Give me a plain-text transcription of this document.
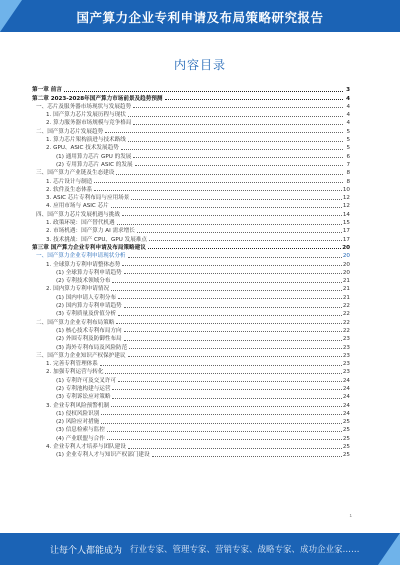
国产算力企业专利申请及布局策略研究报告
内容目录
第一章 前言	3
第二章 2023-2028年国产算力市场前景及趋势预测	4
一、芯片及服务器市场现状与发展趋势	4
1. 国产算力芯片发展历程与现状	4
2. 算力服务器市场规模与竞争格局	4
二、国产算力芯片发展趋势	5
1. 算力芯片架构演进与技术路线	5
2. GPU、ASIC 技术发展趋势	5
(1) 通用算力芯片 GPU 的发展	6
(2) 专用算力芯片 ASIC 的发展	7
三、国产算力产业链及生态建设	8
1. 芯片设计与制造	8
2. 软件及生态体系	10
3. ASIC 芯片专利布局与应用场景	12
4. 应用市场与 ASIC 芯片	12
四、国产算力芯片发展机遇与挑战	14
1. 政策环境：国产替代机遇	15
2. 市场机遇：国产算力 AI 需求增长	17
3. 技术挑战：国产 CPU、GPU 发展难点	17
第三章 国产算力企业专利申请及布局策略建议	20
一、国产算力企业专利申请现状分析	20
1. 全球算力专利申请整体态势	20
(1) 全球算力专利申请趋势	20
(2) 专利技术领域分布	21
2. 国内算力专利申请情况	21
(1) 国内申请人专利分布	21
(2) 国内算力专利申请趋势	22
(3) 专利质量及价值分析	22
二、国产算力企业专利布局策略	22
(1) 核心技术专利布局方向	22
(2) 外围专利及防御性布局	23
(3) 海外专利布局及风险防范	23
三、国产算力企业知识产权保护建议	23
1. 完善专利管理体系	23
2. 加强专利运营与转化	23
(1) 专利许可及交叉许可	24
(2) 专利池构建与运营	24
(3) 专利诉讼应对策略	24
3. 企业专利风险预警机制	24
(1) 侵权风险识别	24
(2) 风险应对措施	25
(3) 信息检索与监控	25
(4) 产业联盟与合作	25
4. 企业专利人才培养与团队建设	25
(1) 企业专利人才与知识产权部门建设	25
1
让每个人都能成为 行业专家、管理专家、营销专家、战略专家、成功企业家……
